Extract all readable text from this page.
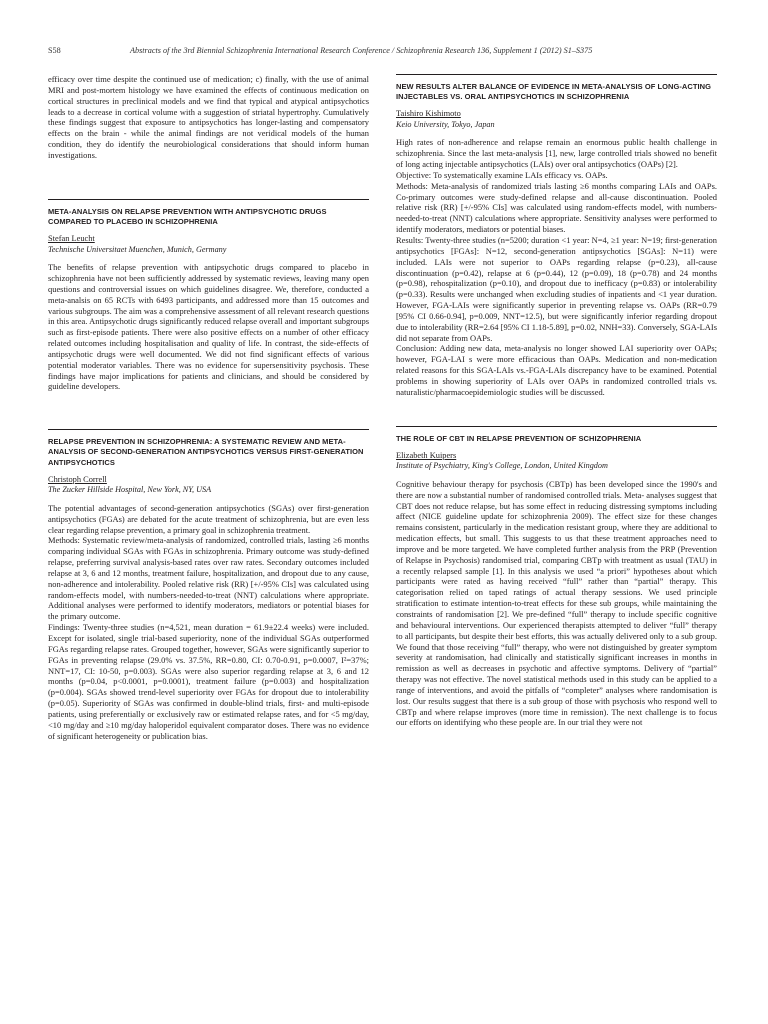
S58	Abstracts of the 3rd Biennial Schizophrenia International Research Conference / Schizophrenia Research 136, Supplement 1 (2012) S1–S375

efficacy over time despite the continued use of medication; c) finally, with the use of animal MRI and post-mortem histology we have examined the effects of continuous medication on cortical structures in preclinical models and we find that typical and atypical antipsychotics leads to a decrease in cortical volume with a suggestion of striatal hypertrophy. Cumulatively these findings suggest that exposure to antipsychotics has longer-lasting and compensatory effects on the brain - while the animal findings are not veridical models of the human condition, they do identify the neurobiological considerations that should inform human investigations.

META-ANALYSIS ON RELAPSE PREVENTION WITH ANTIPSYCHOTIC DRUGS COMPARED TO PLACEBO IN SCHIZOPHRENIA
Stefan Leucht
Technische Universitaet Muenchen, Munich, Germany

The benefits of relapse prevention with antipsychotic drugs compared to placebo in schizophrenia have not been sufficiently addressed by systematic reviews, leaving many open questions and controversial issues on which guidelines disagree. We, therefore, conducted a meta-analsis on 65 RCTs with 6493 participants, and addressed more than 15 outcomes and various subgroups. The aim was a comprehensive assessment of all relevant research questions in this area. Antipsychotic drugs significantly reduced relapse overall and important subgroups such as first-episode patients. There were also positive effects on a number of other efficacy related outcomes including hospitalisation and quality of life. In contrast, the side-effects of antipsychotic drugs were well documented. We did not find significant effects of various potential moderator variables. There was no evidence for supersensitivity psychosis. These findings have major implications for patients and clinicians, and should be considered by guideline developers.

RELAPSE PREVENTION IN SCHIZOPHRENIA: A SYSTEMATIC REVIEW AND META-ANALYSIS OF SECOND-GENERATION ANTIPSYCHOTICS VERSUS FIRST-GENERATION ANTIPSYCHOTICS
Christoph Correll
The Zucker Hillside Hospital, New York, NY, USA

The potential advantages of second-generation antipsychotics (SGAs) over first-generation antipsychotics (FGAs) are debated for the acute treatment of schizophrenia, but are even less clear regarding relapse prevention, a primary goal in schizophrenia treatment.

Methods: Systematic review/meta-analysis of randomized, controlled trials, lasting ≥6 months comparing individual SGAs with FGAs in schizophrenia. Primary outcome was study-defined relapse, preferring survival analysis-based rates over raw rates. Secondary outcomes included relapse at 3, 6 and 12 months, treatment failure, hospitalization, and dropout due to any cause, non-adherence and intolerability. Pooled relative risk (RR) [+/-95% CIs] was calculated using random-effects model, with numbers-needed-to-treat (NNT) calculations where appropriate. Additional analyses were performed to identify moderators, mediators or potential biases for the primary outcome.

Findings: Twenty-three studies (n=4,521, mean duration = 61.9±22.4 weeks) were included. Except for isolated, single trial-based superiority, none of the individual SGAs outperformed FGAs regarding relapse rates. Grouped together, however, SGAs were significantly superior to FGAs in preventing relapse (29.0% vs. 37.5%, RR=0.80, CI: 0.70-0.91, p=0.0007, I²=37%; NNT=17, CI: 10-50, p=0.003). SGAs were also superior regarding relapse at 3, 6 and 12 months (p=0.04, p<0.0001, p=0.0001), treatment failure (p=0.003) and hospitalization (p=0.004). SGAs showed trend-level superiority over FGAs for dropout due to intolerability (p=0.05). Superiority of SGAs was confirmed in double-blind trials, first- and multi-episode patients, using preferentially or exclusively raw or estimated relapse rates, and for <5 mg/day, <10 mg/day and ≥10 mg/day haloperidol equivalent comparator doses. There was no evidence of significant heterogeneity or publication bias.

NEW RESULTS ALTER BALANCE OF EVIDENCE IN META-ANALYSIS OF LONG-ACTING INJECTABLES VS. ORAL ANTIPSYCHOTICS IN SCHIZOPHRENIA
Taishiro Kishimoto
Keio University, Tokyo, Japan

High rates of non-adherence and relapse remain an enormous public health challenge in schizophrenia. Since the last meta-analysis [1], new, large controlled trials showed no benefit of long acting injectable antipsychotics (LAIs) over oral antipsychotics (OAPs) [2].

Objective: To systematically examine LAIs efficacy vs. OAPs.

Methods: Meta-analysis of randomized trials lasting ≥6 months comparing LAIs and OAPs. Co-primary outcomes were study-defined relapse and all-cause discontinuation. Pooled relative risk (RR) [+/-95% CIs] was calculated using random-effects model, with numbers-needed-to-treat (NNT) calculations where appropriate. Sensitivity analyses were performed to identify moderators, mediators or potential biases.

Results: Twenty-three studies (n=5200; duration <1 year: N=4, ≥1 year: N=19; first-generation antipsychotics [FGAs]: N=12, second-generation antipsychotics [SGAs]: N=11) were included. LAIs were not superior to OAPs regarding relapse (p=0.23), all-cause discontinuation (p=0.42), relapse at 6 (p=0.44), 12 (p=0.09), 18 (p=0.78) and 24 months (p=0.98), rehospitalization (p=0.10), and dropout due to inefficacy (p=0.83) or intolerability (p=0.33). Results were unchanged when excluding studies of inpatients and <1 year duration. However, FGA-LAIs were significantly superior in preventing relapse vs. OAPs (RR=0.79 [95% CI 0.66-0.94], p=0.009, NNT=12.5), but were significantly inferior regarding dropout due to intolerability (RR=2.64 [95% CI 1.18-5.89], p=0.02, NNH=33). Conversely, SGA-LAIs did not separate from OAPs.

Conclusion: Adding new data, meta-analysis no longer showed LAI superiority over OAPs; however, FGA-LAI s were more efficacious than OAPs. Medication and non-medication related reasons for this SGA-LAIs vs.-FGA-LAIs discrepancy have to be examined. Potential problems in showing superiority of LAIs over OAPs in randomized controlled trials vs. naturalistic/pharmacoepidemiologic studies will be discussed.

THE ROLE OF CBT IN RELAPSE PREVENTION OF SCHIZOPHRENIA
Elizabeth Kuipers
Institute of Psychiatry, King's College, London, United Kingdom

Cognitive behaviour therapy for psychosis (CBTp) has been developed since the 1990's and there are now a substantial number of randomised controlled trials. Meta- analyses suggest that CBT does not reduce relapse, but has some effect in reducing distressing symptoms including affect (NICE guideline update for schizophrenia 2009). The effect size for these changes remains consistent, particularly in the medication resistant group, where they are additional to medication effects, but small. This suggests to us that these treatment approaches need to improve and be more targeted. We have completed further analysis from the PRP (Prevention of Relapse in Psychosis) randomised trial, comparing CBTp with treatment as usual (TAU) in a recently relapsed sample [1]. In this analysis we used “a priori” hypotheses about which participants were rated as having received “full” rather than “partial” therapy. This categorisation relied on taped ratings of actual therapy sessions. We used principle stratification to estimate intention-to-treat effects for these sub groups, while maintaining the constraints of randomisation [2]. We pre-defined “full” therapy to include specific cognitive and behavioural interventions. Our experienced therapists attempted to deliver “full” therapy to all participants, but despite their best efforts, this was actually delivered only to a sub group. We found that those receiving “full” therapy, who were not distinguished by greater symptom severity at randomisation, had clinically and statistically significant increases in months in remission as well as decreases in psychotic and affective symptoms. Delivery of “partial” therapy was not effective. The novel statistical methods used in this study can be applied to a range of interventions, and avoid the pitfalls of “completer” analyses where randomisation is lost. Our results suggest that there is a sub group of those with psychosis who respond well to CBTp and where relapse improves (more time in remission). The next challenge is to focus our efforts on identifying who these people are. In our trial they were not
